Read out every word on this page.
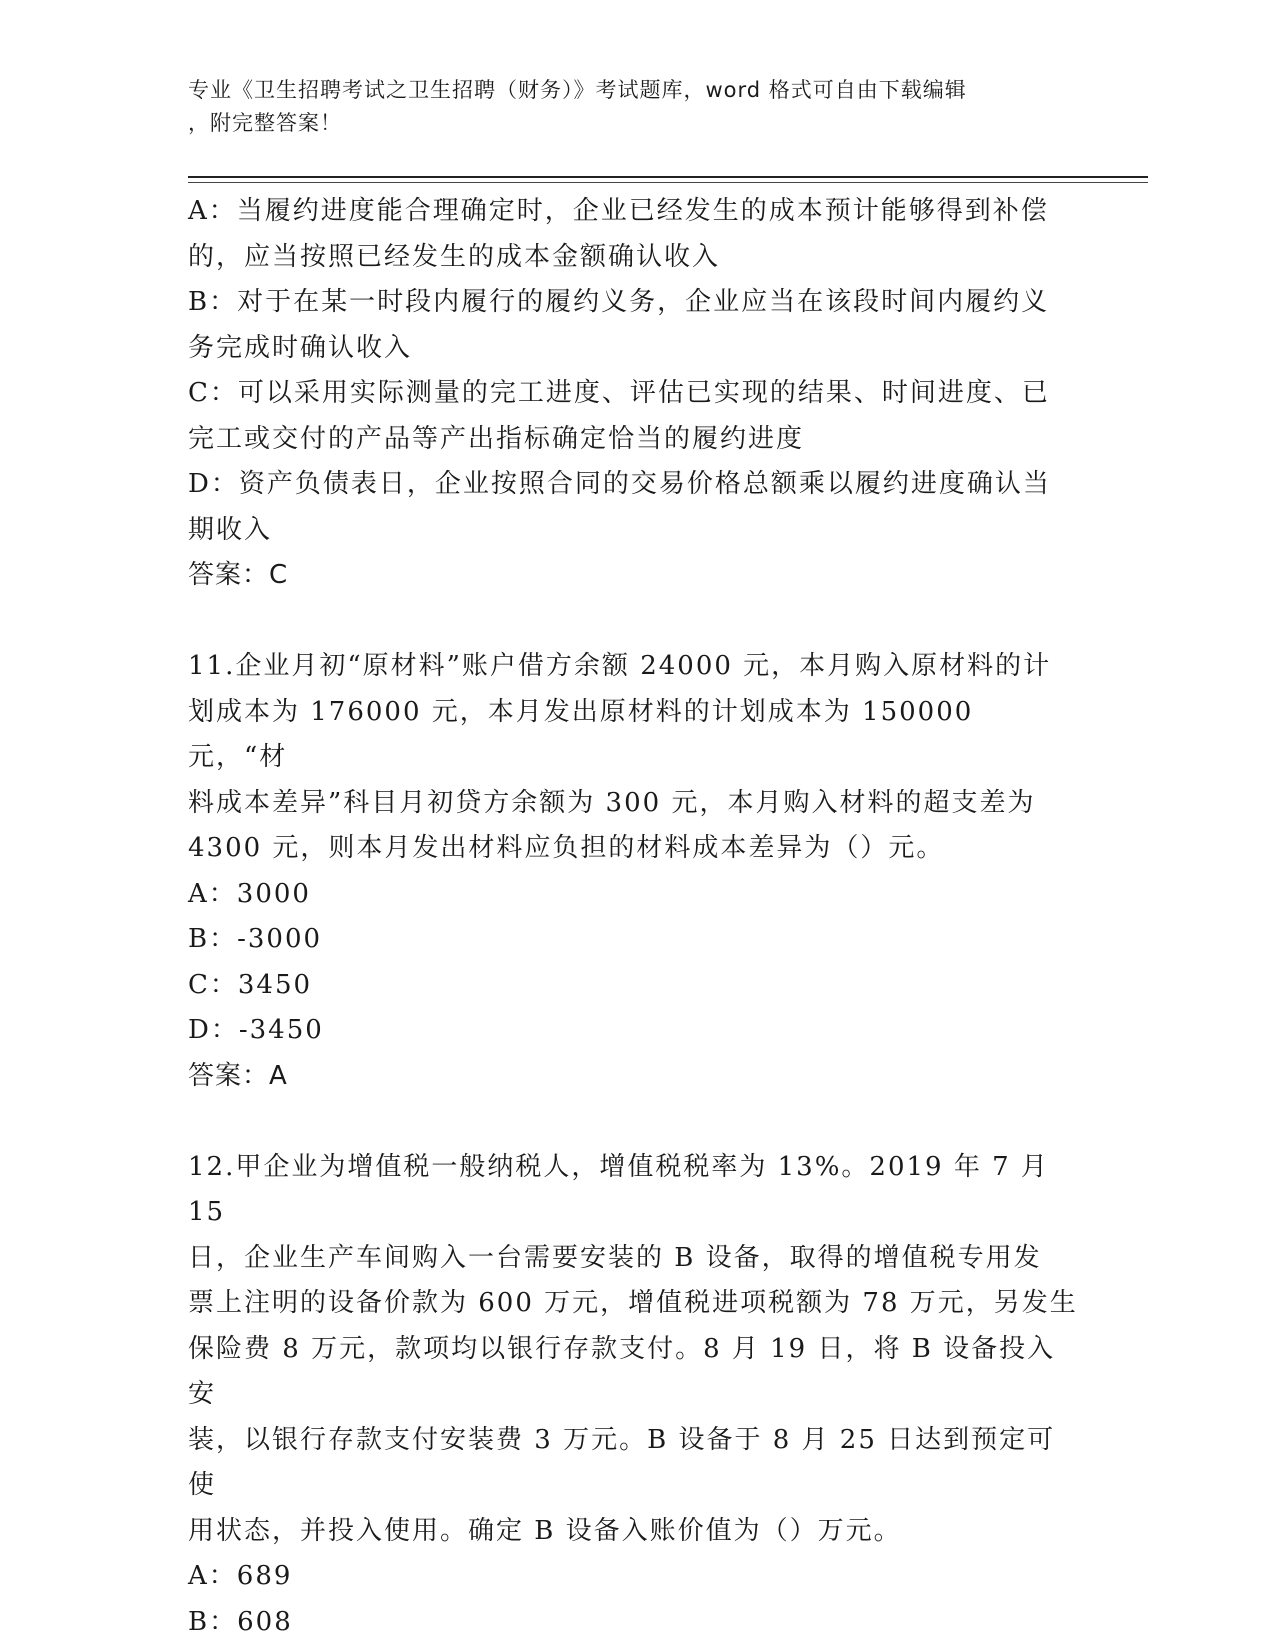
专业《卫生招聘考试之卫生招聘（财务）》考试题库，word 格式可自由下载编辑
，附完整答案！

A：当履约进度能合理确定时，企业已经发生的成本预计能够得到补偿

的，应当按照已经发生的成本金额确认收入

B：对于在某一时段内履行的履约义务，企业应当在该段时间内履约义

务完成时确认收入

C：可以采用实际测量的完工进度、评估已实现的结果、时间进度、已

完工或交付的产品等产出指标确定恰当的履约进度

D：资产负债表日，企业按照合同的交易价格总额乘以履约进度确认当

期收入

答案：C

11.企业月初“原材料”账户借方余额 24000 元，本月购入原材料的计

划成本为 176000 元，本月发出原材料的计划成本为 150000 元，“材

料成本差异”科目月初贷方余额为 300 元，本月购入材料的超支差为

4300 元，则本月发出材料应负担的材料成本差异为（）元。

A：3000

B：-3000

C：3450

D：-3450

答案：A

12.甲企业为增值税一般纳税人，增值税税率为 13%。2019 年 7 月 15

日，企业生产车间购入一台需要安装的 B 设备，取得的增值税专用发

票上注明的设备价款为 600 万元，增值税进项税额为 78 万元，另发生

保险费 8 万元，款项均以银行存款支付。8 月 19 日，将 B 设备投入安

装，以银行存款支付安装费 3 万元。B 设备于 8 月 25 日达到预定可使

用状态，并投入使用。确定 B 设备入账价值为（）万元。

A：689

B：608
